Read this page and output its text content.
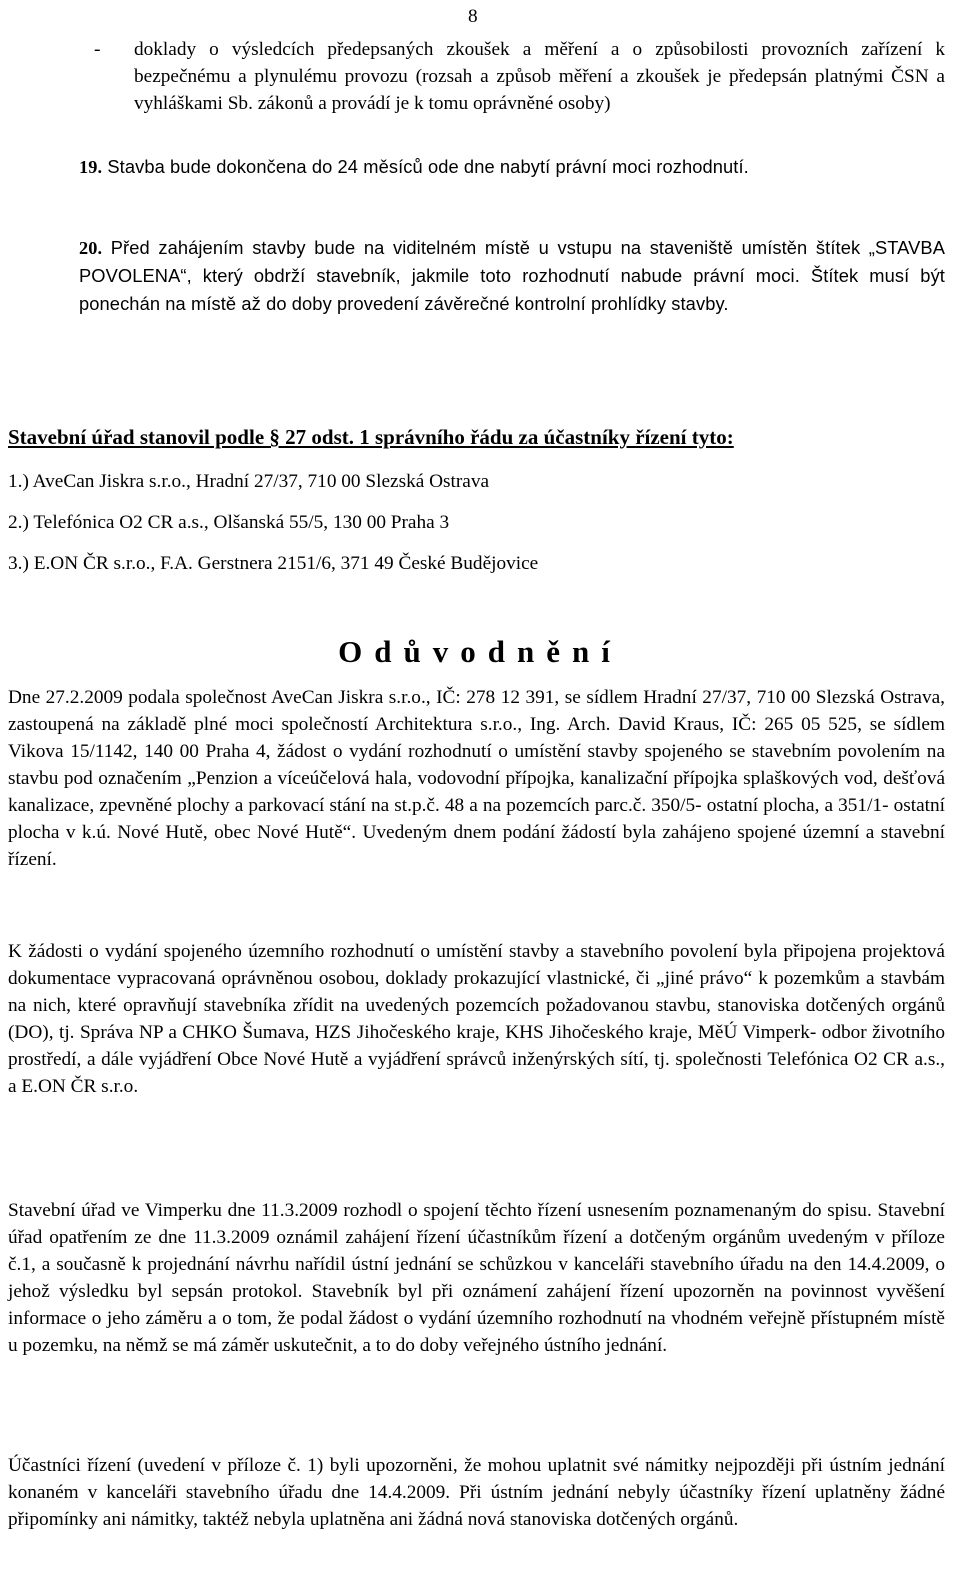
8
- doklady o výsledcích předepsaných zkoušek a měření a o způsobilosti provozních zařízení k bezpečnému a plynulému provozu (rozsah a způsob měření a zkoušek je předepsán platnými ČSN a vyhláškami Sb. zákonů a provádí je k tomu oprávněné osoby)

19. Stavba bude dokončena do 24 měsíců ode dne nabytí právní moci rozhodnutí.

20. Před zahájením stavby bude na viditelném místě u vstupu na staveniště umístěn štítek „STAVBA POVOLENA“, který obdrží stavebník, jakmile toto rozhodnutí nabude právní moci. Štítek musí být ponechán na místě až do doby provedení závěrečné kontrolní prohlídky stavby.

Stavební úřad stanovil podle § 27 odst. 1 správního řádu za účastníky řízení tyto:
1.) AveCan Jiskra s.r.o., Hradní 27/37, 710 00 Slezská Ostrava
2.) Telefónica O2 CR a.s., Olšanská 55/5, 130 00 Praha 3
3.) E.ON ČR s.r.o., F.A. Gerstnera 2151/6, 371 49 České Budějovice
Odůvodnění

Dne 27.2.2009 podala společnost AveCan Jiskra s.r.o., IČ: 278 12 391, se sídlem Hradní 27/37, 710 00 Slezská Ostrava, zastoupená na základě plné moci společností Architektura s.r.o., Ing. Arch. David Kraus, IČ: 265 05 525, se sídlem Vikova 15/1142, 140 00 Praha 4, žádost o vydání rozhodnutí o umístění stavby spojeného se stavebním povolením na stavbu pod označením „Penzion a víceúčelová hala, vodovodní přípojka, kanalizační přípojka splaškových vod, dešťová kanalizace, zpevněné plochy a parkovací stání na st.p.č. 48 a na pozemcích parc.č. 350/5- ostatní plocha, a 351/1- ostatní plocha v k.ú. Nové Hutě, obec Nové Hutě“. Uvedeným dnem podání žádostí byla zahájeno spojené územní a stavební řízení.

K žádosti o vydání spojeného územního rozhodnutí o umístění stavby a stavebního povolení byla připojena projektová dokumentace vypracovaná oprávněnou osobou, doklady prokazující vlastnické, či „jiné právo“ k pozemkům a stavbám na nich, které opravňují stavebníka zřídit na uvedených pozemcích požadovanou stavbu, stanoviska dotčených orgánů (DO), tj. Správa NP a CHKO Šumava, HZS Jihočeského kraje, KHS Jihočeského kraje, MěÚ Vimperk- odbor životního prostředí, a dále vyjádření Obce Nové Hutě a vyjádření správců inženýrských sítí, tj. společnosti Telefónica O2 CR a.s., a E.ON ČR s.r.o.

Stavební úřad ve Vimperku dne 11.3.2009 rozhodl o spojení těchto řízení usnesením poznamenaným do spisu. Stavební úřad opatřením ze dne 11.3.2009 oznámil zahájení řízení účastníkům řízení a dotčeným orgánům uvedeným v příloze č.1, a současně k projednání návrhu nařídil ústní jednání se schůzkou v kanceláři stavebního úřadu na den 14.4.2009, o jehož výsledku byl sepsán protokol. Stavebník byl při oznámení zahájení řízení upozorněn na povinnost vyvěšení informace o jeho záměru a o tom, že podal žádost o vydání územního rozhodnutí na vhodném veřejně přístupném místě u pozemku, na němž se má záměr uskutečnit, a to do doby veřejného ústního jednání.

Účastníci řízení (uvedení v příloze č. 1) byli upozorněni, že mohou uplatnit své námitky nejpozději při ústním jednání konaném v kanceláři stavebního úřadu dne 14.4.2009. Při ústním jednání nebyly účastníky řízení uplatněny žádné připomínky ani námitky, taktéž nebyla uplatněna ani žádná nová stanoviska dotčených orgánů.
